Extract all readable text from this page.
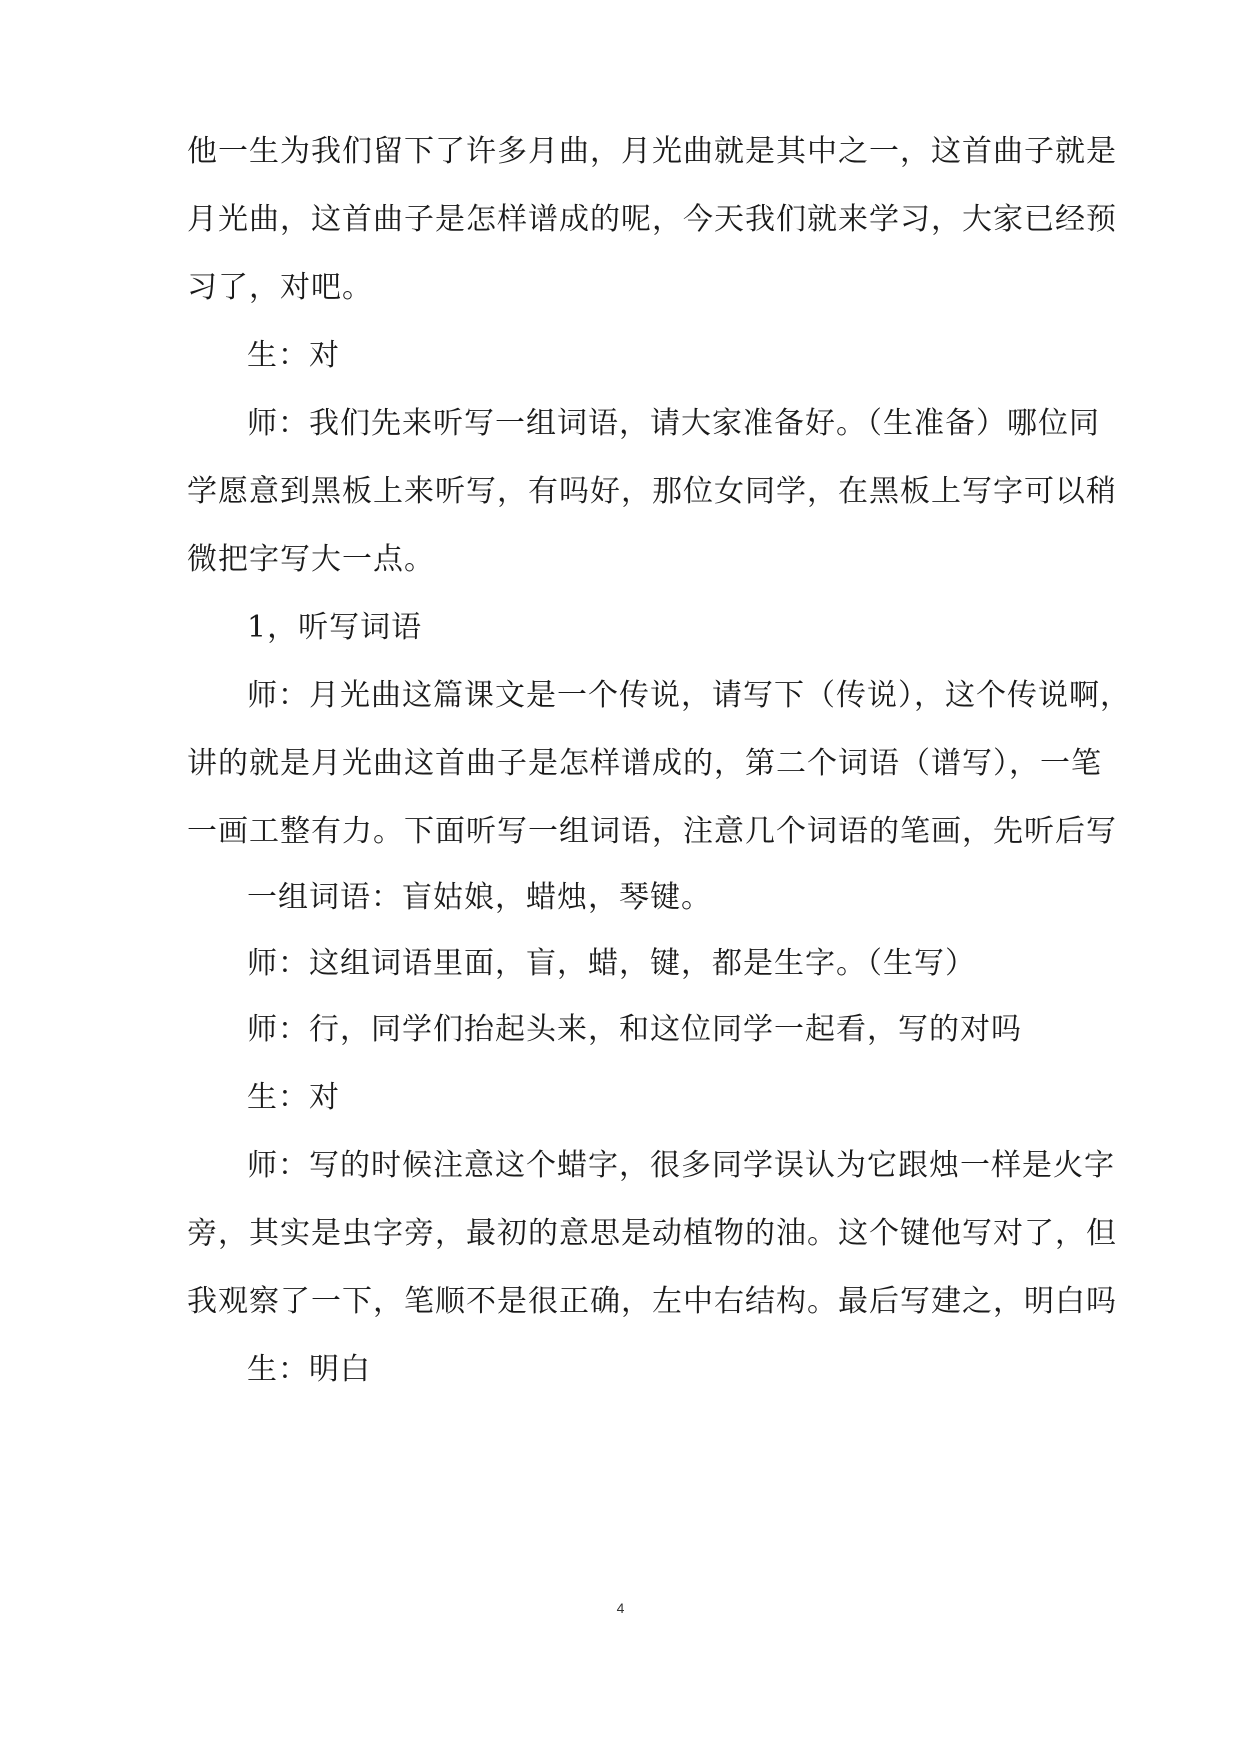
他一生为我们留下了许多月曲，月光曲就是其中之一，这首曲子就是
月光曲，这首曲子是怎样谱成的呢，今天我们就来学习，大家已经预
习了，对吧。
生：对
师：我们先来听写一组词语，请大家准备好。（生准备）哪位同
学愿意到黑板上来听写，有吗好，那位女同学，在黑板上写字可以稍
微把字写大一点。
1，听写词语
师：月光曲这篇课文是一个传说，请写下（传说），这个传说啊，
讲的就是月光曲这首曲子是怎样谱成的，第二个词语（谱写），一笔
一画工整有力。下面听写一组词语，注意几个词语的笔画，先听后写
一组词语：盲姑娘，蜡烛，琴键。
师：这组词语里面，盲，蜡，键，都是生字。（生写）
师：行，同学们抬起头来，和这位同学一起看，写的对吗
生：对
师：写的时候注意这个蜡字，很多同学误认为它跟烛一样是火字
旁，其实是虫字旁，最初的意思是动植物的油。这个键他写对了，但
我观察了一下，笔顺不是很正确，左中右结构。最后写建之，明白吗
生：明白
4
